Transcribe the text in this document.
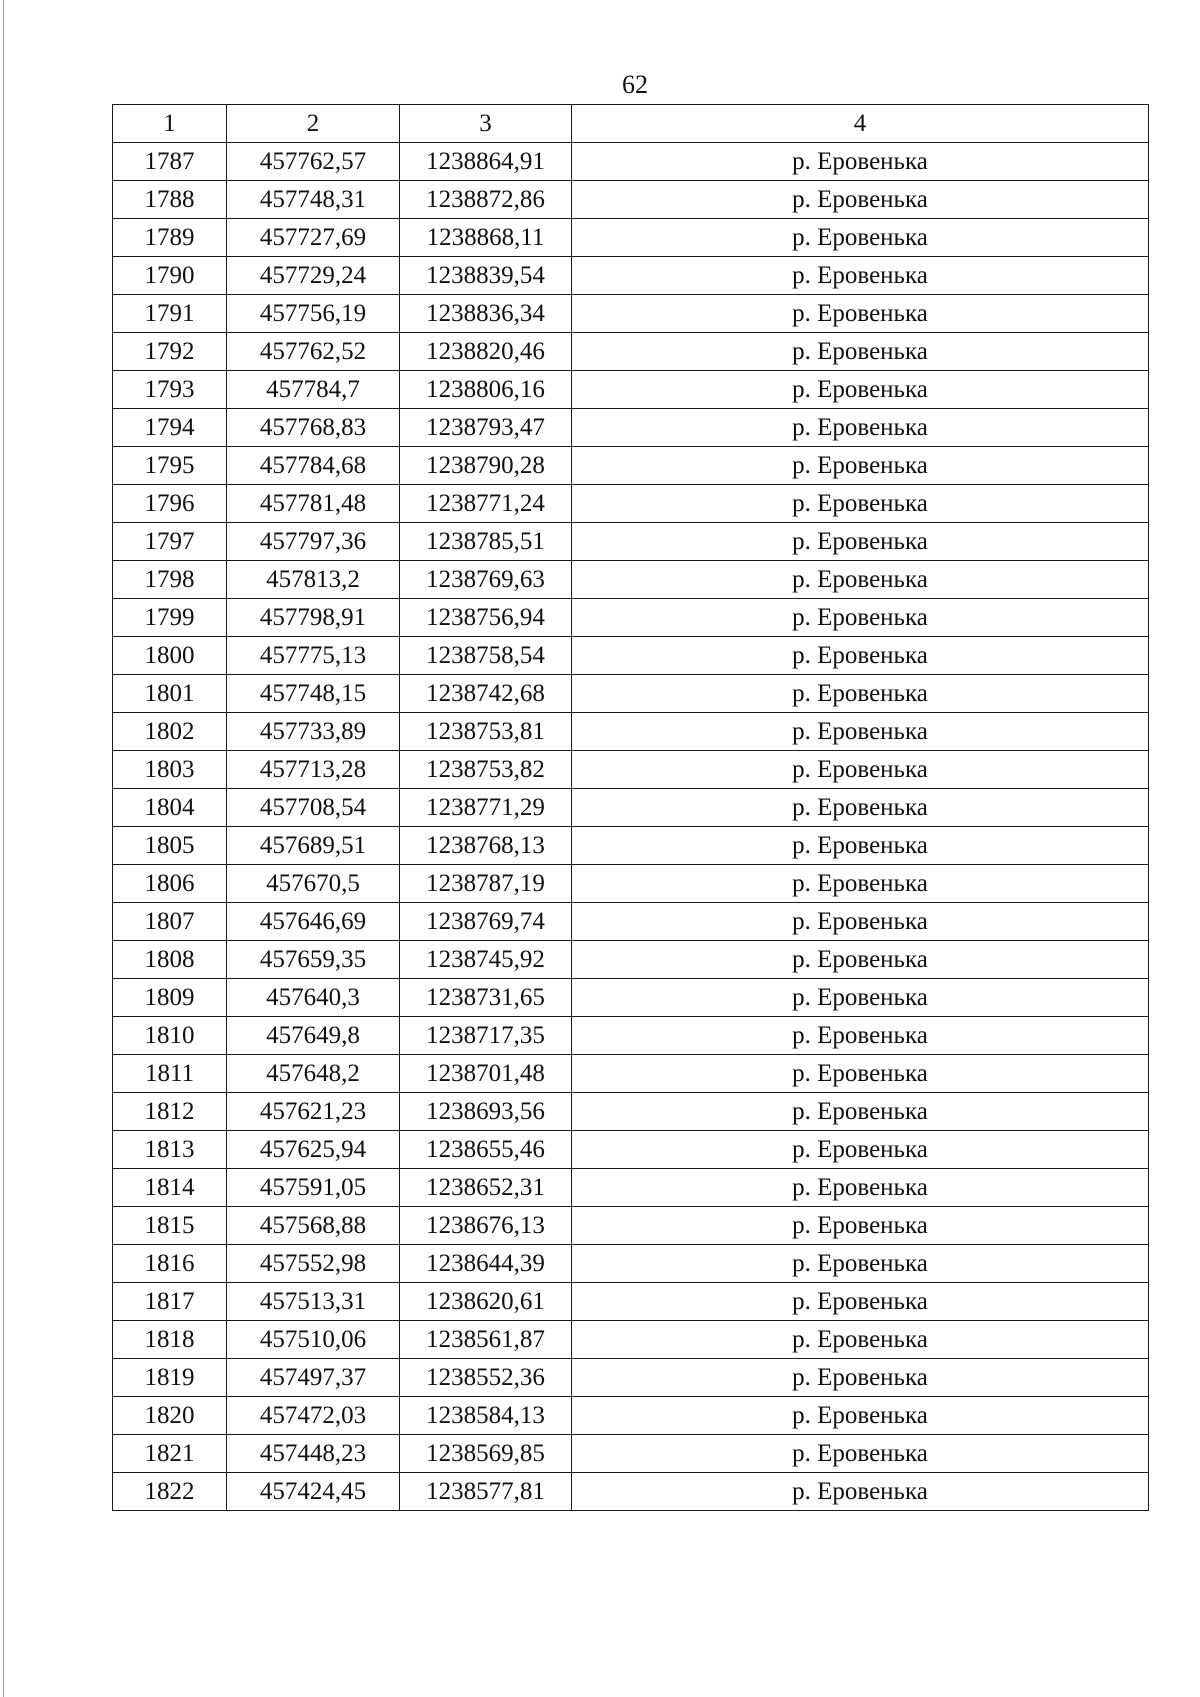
62
1	2	3	4
1787	457762,57	1238864,91	р. Еровенька
1788	457748,31	1238872,86	р. Еровенька
1789	457727,69	1238868,11	р. Еровенька
1790	457729,24	1238839,54	р. Еровенька
1791	457756,19	1238836,34	р. Еровенька
1792	457762,52	1238820,46	р. Еровенька
1793	457784,7	1238806,16	р. Еровенька
1794	457768,83	1238793,47	р. Еровенька
1795	457784,68	1238790,28	р. Еровенька
1796	457781,48	1238771,24	р. Еровенька
1797	457797,36	1238785,51	р. Еровенька
1798	457813,2	1238769,63	р. Еровенька
1799	457798,91	1238756,94	р. Еровенька
1800	457775,13	1238758,54	р. Еровенька
1801	457748,15	1238742,68	р. Еровенька
1802	457733,89	1238753,81	р. Еровенька
1803	457713,28	1238753,82	р. Еровенька
1804	457708,54	1238771,29	р. Еровенька
1805	457689,51	1238768,13	р. Еровенька
1806	457670,5	1238787,19	р. Еровенька
1807	457646,69	1238769,74	р. Еровенька
1808	457659,35	1238745,92	р. Еровенька
1809	457640,3	1238731,65	р. Еровенька
1810	457649,8	1238717,35	р. Еровенька
1811	457648,2	1238701,48	р. Еровенька
1812	457621,23	1238693,56	р. Еровенька
1813	457625,94	1238655,46	р. Еровенька
1814	457591,05	1238652,31	р. Еровенька
1815	457568,88	1238676,13	р. Еровенька
1816	457552,98	1238644,39	р. Еровенька
1817	457513,31	1238620,61	р. Еровенька
1818	457510,06	1238561,87	р. Еровенька
1819	457497,37	1238552,36	р. Еровенька
1820	457472,03	1238584,13	р. Еровенька
1821	457448,23	1238569,85	р. Еровенька
1822	457424,45	1238577,81	р. Еровенька
